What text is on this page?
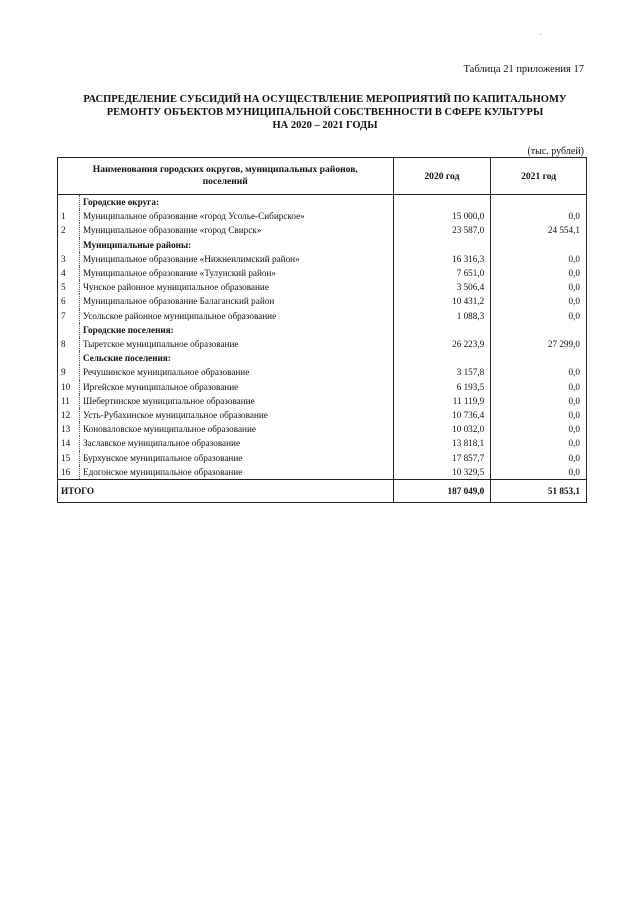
Таблица 21 приложения 17
РАСПРЕДЕЛЕНИЕ СУБСИДИЙ НА ОСУЩЕСТВЛЕНИЕ МЕРОПРИЯТИЙ ПО КАПИТАЛЬНОМУ
РЕМОНТУ ОБЪЕКТОВ МУНИЦИПАЛЬНОЙ СОБСТВЕННОСТИ В СФЕРЕ КУЛЬТУРЫ
НА 2020 – 2021 ГОДЫ
(тыс. рублей)
Наименования городских округов, муниципальных районов,
поселений		2020 год	2021 год
	Городские округа:		
1	Муниципальное образование «город Усолье-Сибирское»	15 000,0	0,0
2	Муниципальное образование «город Свирск»	23 587,0	24 554,1
	Муниципальные районы:		
3	Муниципальное образование «Нижнеилимский район»	16 316,3	0,0
4	Муниципальное образование «Тулунский район»	7 651,0	0,0
5	Чунское районное муниципальное образование	3 506,4	0,0
6	Муниципальное образование Балаганский район	10 431,2	0,0
7	Усольское районное муниципальное образование	1 088,3	0,0
	Городские поселения:		
8	Тыретское муниципальное образование	26 223,9	27 299,0
	Сельские поселения:		
9	Речушинское муниципальное образование	3 157,8	0,0
10	Иргейское муниципальное образование	6 193,5	0,0
11	Шебертинское муниципальное образование	11 119,9	0,0
12	Усть-Рубахинское муниципальное образование	10 736,4	0,0
13	Коноваловское муниципальное образование	10 032,0	0,0
14	Заславское муниципальное образование	13 818,1	0,0
15	Бурхунское муниципальное образование	17 857,7	0,0
16	Едогонское муниципальное образование	10 329,5	0,0
ИТОГО		187 049,0	51 853,1
